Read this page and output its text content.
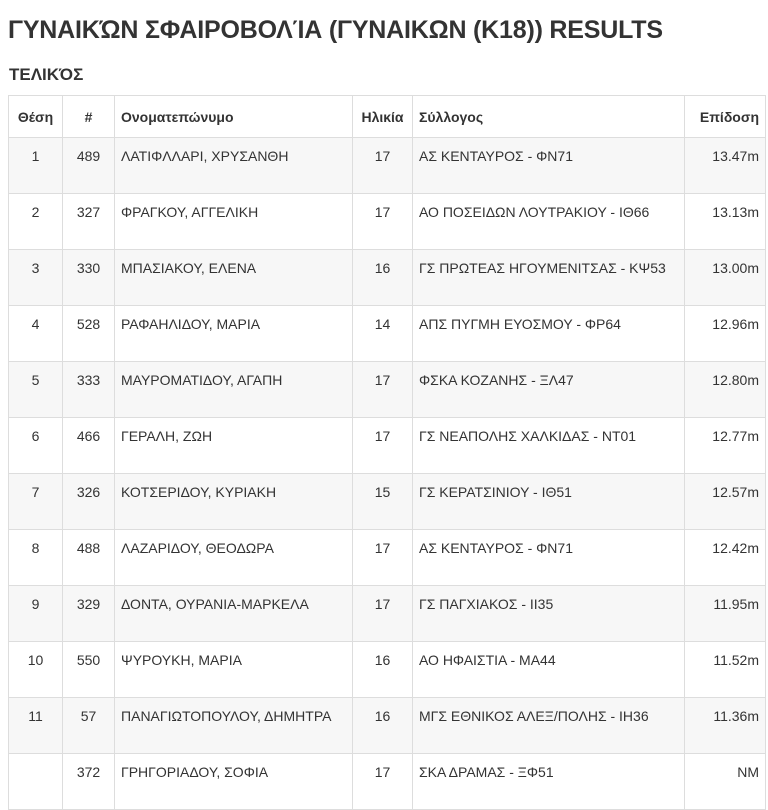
ΓΥΝΑΙΚΏΝ ΣΦΑΙΡΟΒΟΛΊΑ (ΓΥΝΑΙΚΩΝ (Κ18)) RESULTS
ΤΕΛΙΚΌΣ
Θέση	#	Ονοματεπώνυμο	Ηλικία	Σύλλογος	Επίδοση
1	489	ΛΑΤΙΦΛΛΑΡΙ, ΧΡΥΣΑΝΘΗ	17	ΑΣ ΚΕΝΤΑΥΡΟΣ - ΦΝ71	13.47m
2	327	ΦΡΑΓΚΟΥ, ΑΓΓΕΛΙΚΗ	17	ΑΟ ΠΟΣΕΙΔΩΝ ΛΟΥΤΡΑΚΙΟΥ - ΙΘ66	13.13m
3	330	ΜΠΑΣΙΑΚΟΥ, ΕΛΕΝΑ	16	ΓΣ ΠΡΩΤΕΑΣ ΗΓΟΥΜΕΝΙΤΣΑΣ - ΚΨ53	13.00m
4	528	ΡΑΦΑΗΛΙΔΟΥ, ΜΑΡΙΑ	14	ΑΠΣ ΠΥΓΜΗ ΕΥΟΣΜΟΥ - ΦΡ64	12.96m
5	333	ΜΑΥΡΟΜΑΤΙΔΟΥ, ΑΓΑΠΗ	17	ΦΣΚΑ ΚΟΖΑΝΗΣ - ΞΛ47	12.80m
6	466	ΓΕΡΑΛΗ, ΖΩΗ	17	ΓΣ ΝΕΑΠΟΛΗΣ ΧΑΛΚΙΔΑΣ - ΝΤ01	12.77m
7	326	ΚΟΤΣΕΡΙΔΟΥ, ΚΥΡΙΑΚΗ	15	ΓΣ ΚΕΡΑΤΣΙΝΙΟΥ - ΙΘ51	12.57m
8	488	ΛΑΖΑΡΙΔΟΥ, ΘΕΟΔΩΡΑ	17	ΑΣ ΚΕΝΤΑΥΡΟΣ - ΦΝ71	12.42m
9	329	ΔΟΝΤΑ, ΟΥΡΑΝΙΑ-ΜΑΡΚΕΛΑ	17	ΓΣ ΠΑΓΧΙΑΚΟΣ - ΙΙ35	11.95m
10	550	ΨΥΡΟΥΚΗ, ΜΑΡΙΑ	16	ΑΟ ΗΦΑΙΣΤΙΑ - ΜΑ44	11.52m
11	57	ΠΑΝΑΓΙΩΤΟΠΟΥΛΟΥ, ΔΗΜΗΤΡΑ	16	ΜΓΣ ΕΘΝΙΚΟΣ ΑΛΕΞ/ΠΟΛΗΣ - ΙΗ36	11.36m
	372	ΓΡΗΓΟΡΙΑΔΟΥ, ΣΟΦΙΑ	17	ΣΚΑ ΔΡΑΜΑΣ - ΞΦ51	NM
